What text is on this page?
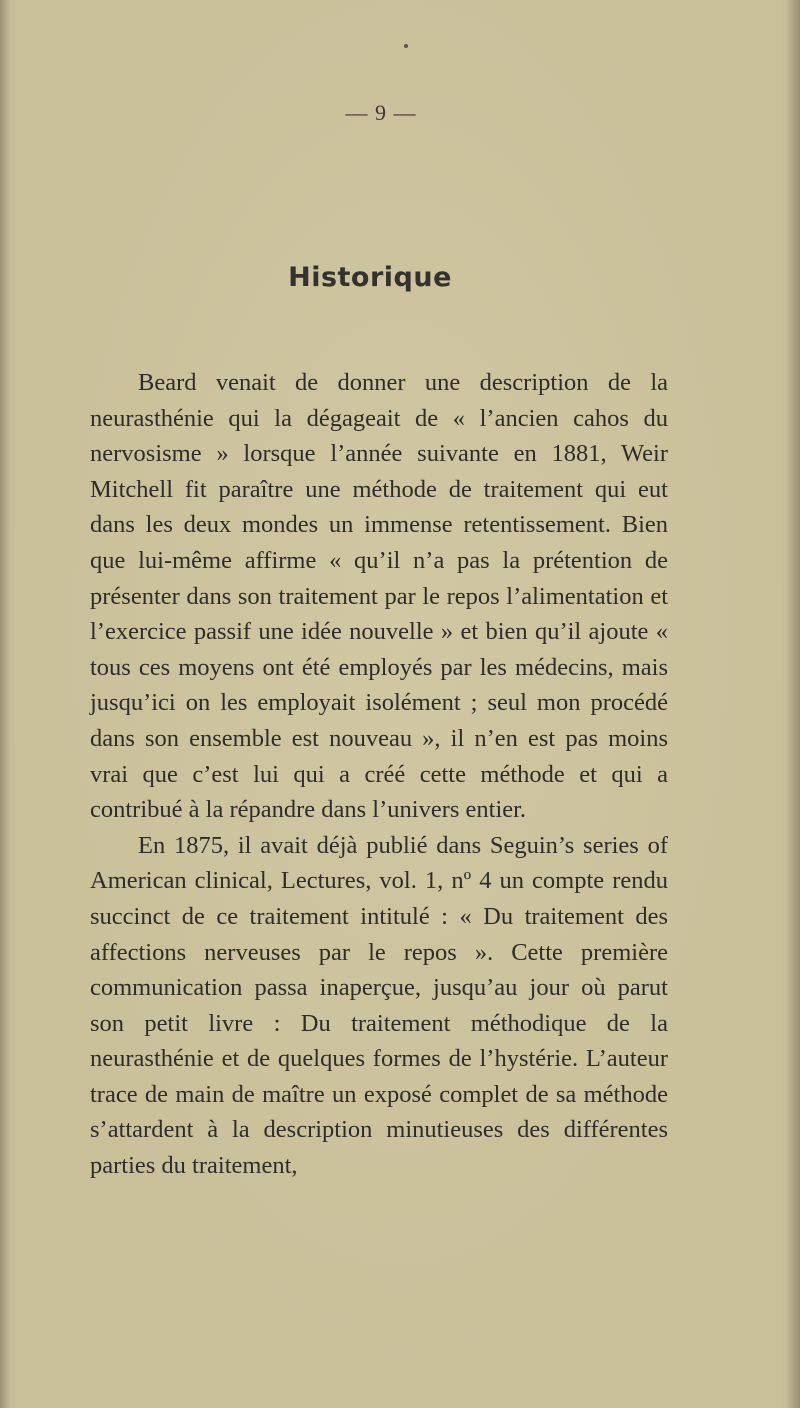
— 9 —
Historique

Beard venait de donner une description de la neurasthénie qui la dégageait de « l’ancien cahos du nervosisme » lorsque l’année suivante en 1881, Weir Mitchell fit paraître une méthode de traitement qui eut dans les deux mondes un immense retentissement. Bien que lui-même affirme « qu’il n’a pas la prétention de présenter dans son traitement par le repos l’alimentation et l’exercice passif une idée nouvelle » et bien qu’il ajoute « tous ces moyens ont été employés par les médecins, mais jusqu’ici on les employait isolément ; seul mon procédé dans son ensemble est nouveau », il n’en est pas moins vrai que c’est lui qui a créé cette méthode et qui a contribué à la répandre dans l’univers entier.

En 1875, il avait déjà publié dans Seguin’s series of American clinical, Lectures, vol. 1, nº 4 un compte rendu succinct de ce traitement intitulé : « Du traitement des affections nerveuses par le repos ». Cette première communication passa inaperçue, jusqu’au jour où parut son petit livre : Du traitement méthodique de la neurasthénie et de quelques formes de l’hystérie. L’auteur trace de main de maître un exposé complet de sa méthode s’attardent à la description minutieuses des différentes parties du traitement,
